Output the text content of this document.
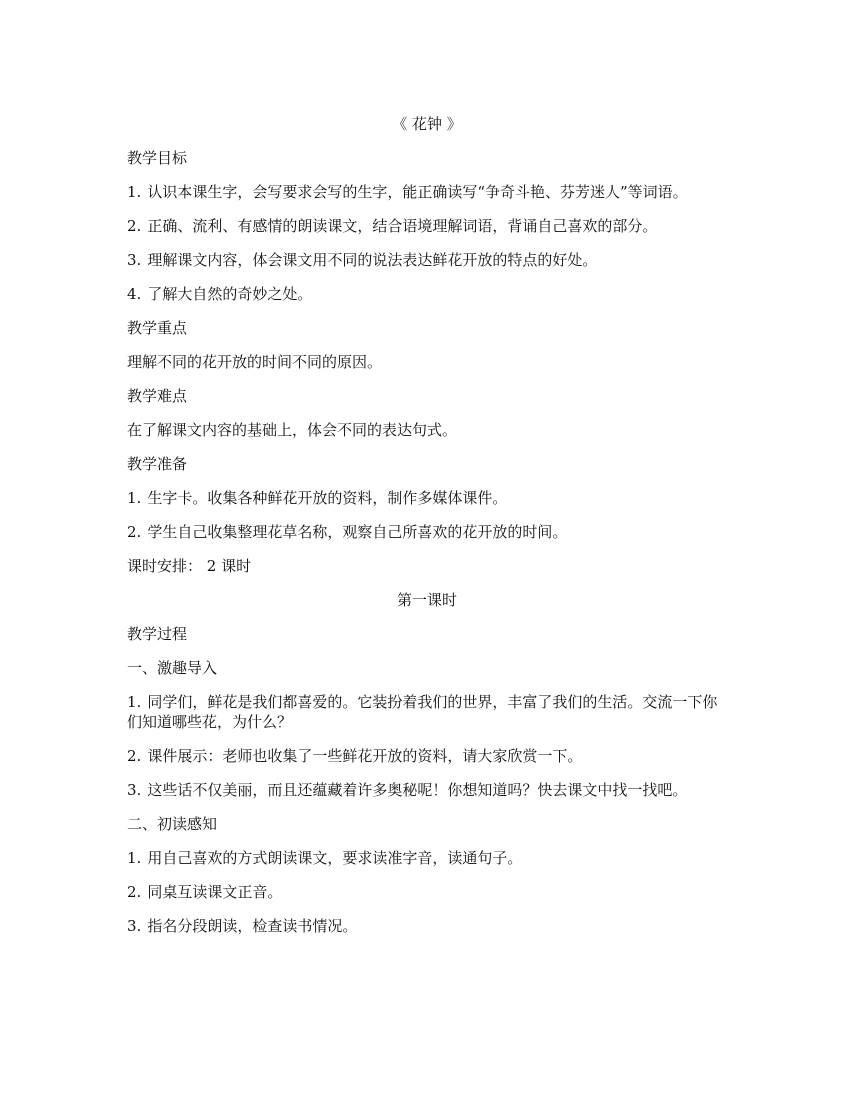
《 花钟 》

教学目标

1. 认识本课生字，会写要求会写的生字，能正确读写“争奇斗艳、芬芳迷人”等词语。

2. 正确、流利、有感情的朗读课文，结合语境理解词语，背诵自己喜欢的部分。

3. 理解课文内容，体会课文用不同的说法表达鲜花开放的特点的好处。

4. 了解大自然的奇妙之处。

教学重点

理解不同的花开放的时间不同的原因。

教学难点

在了解课文内容的基础上，体会不同的表达句式。

教学准备

1. 生字卡。收集各种鲜花开放的资料，制作多媒体课件。

2. 学生自己收集整理花草名称，观察自己所喜欢的花开放的时间。

课时安排： 2 课时

第一课时

教学过程

一、激趣导入

1. 同学们，鲜花是我们都喜爱的。它装扮着我们的世界，丰富了我们的生活。交流一下你们知道哪些花，为什么？

2. 课件展示：老师也收集了一些鲜花开放的资料，请大家欣赏一下。

3. 这些话不仅美丽，而且还蕴藏着许多奥秘呢！你想知道吗？快去课文中找一找吧。

二、初读感知

1. 用自己喜欢的方式朗读课文，要求读准字音，读通句子。

2. 同桌互读课文正音。

3. 指名分段朗读，检查读书情况。
